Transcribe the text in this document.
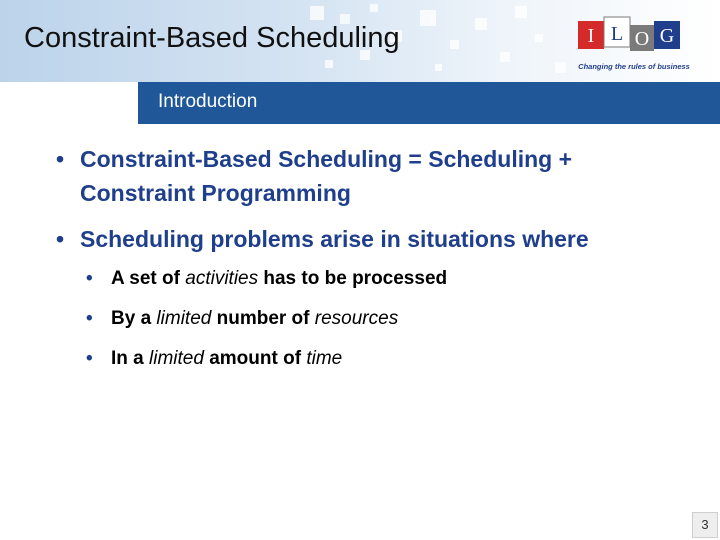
Constraint-Based Scheduling
Introduction
I L O G
Changing the rules of business
• Constraint-Based Scheduling = Scheduling +
Constraint Programming
• Scheduling problems arise in situations where
• A set of activities has to be processed
• By a limited number of resources
• In a limited amount of time
3
